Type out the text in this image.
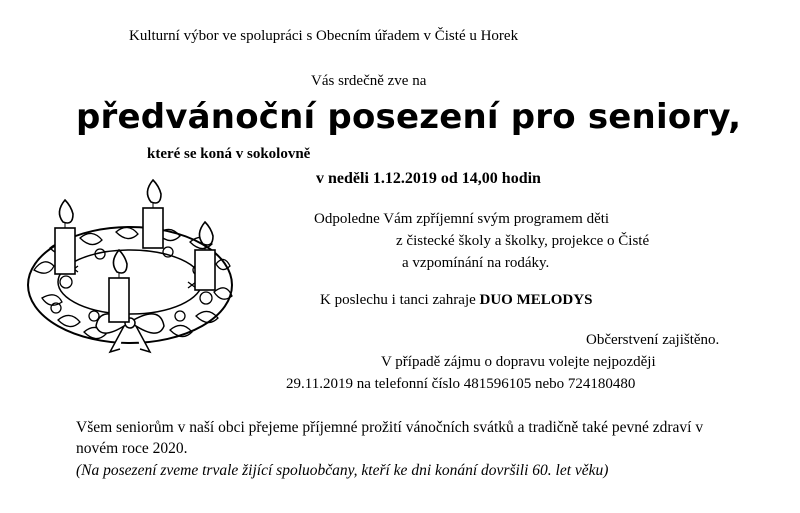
Kulturní výbor ve spolupráci s Obecním úřadem v Čisté u Horek
Vás srdečně zve na
předvánoční posezení pro seniory,
které se koná v sokolovně
v neděli 1.12.2019 od 14,00 hodin
Odpoledne Vám zpříjemní svým programem děti
z čistecké školy a školky, projekce o Čisté
a vzpomínání na rodáky.
K poslechu i tanci zahraje DUO MELODYS
Občerstvení zajištěno.
V případě zájmu o dopravu volejte nejpozději
29.11.2019 na telefonní číslo 481596105 nebo 724180480
Všem seniorům v naší obci přejeme příjemné prožití vánočních svátků a tradičně také pevné zdraví v novém roce 2020.
(Na posezení zveme trvale žijící spoluobčany, kteří ke dni konání dovršili 60. let věku)
